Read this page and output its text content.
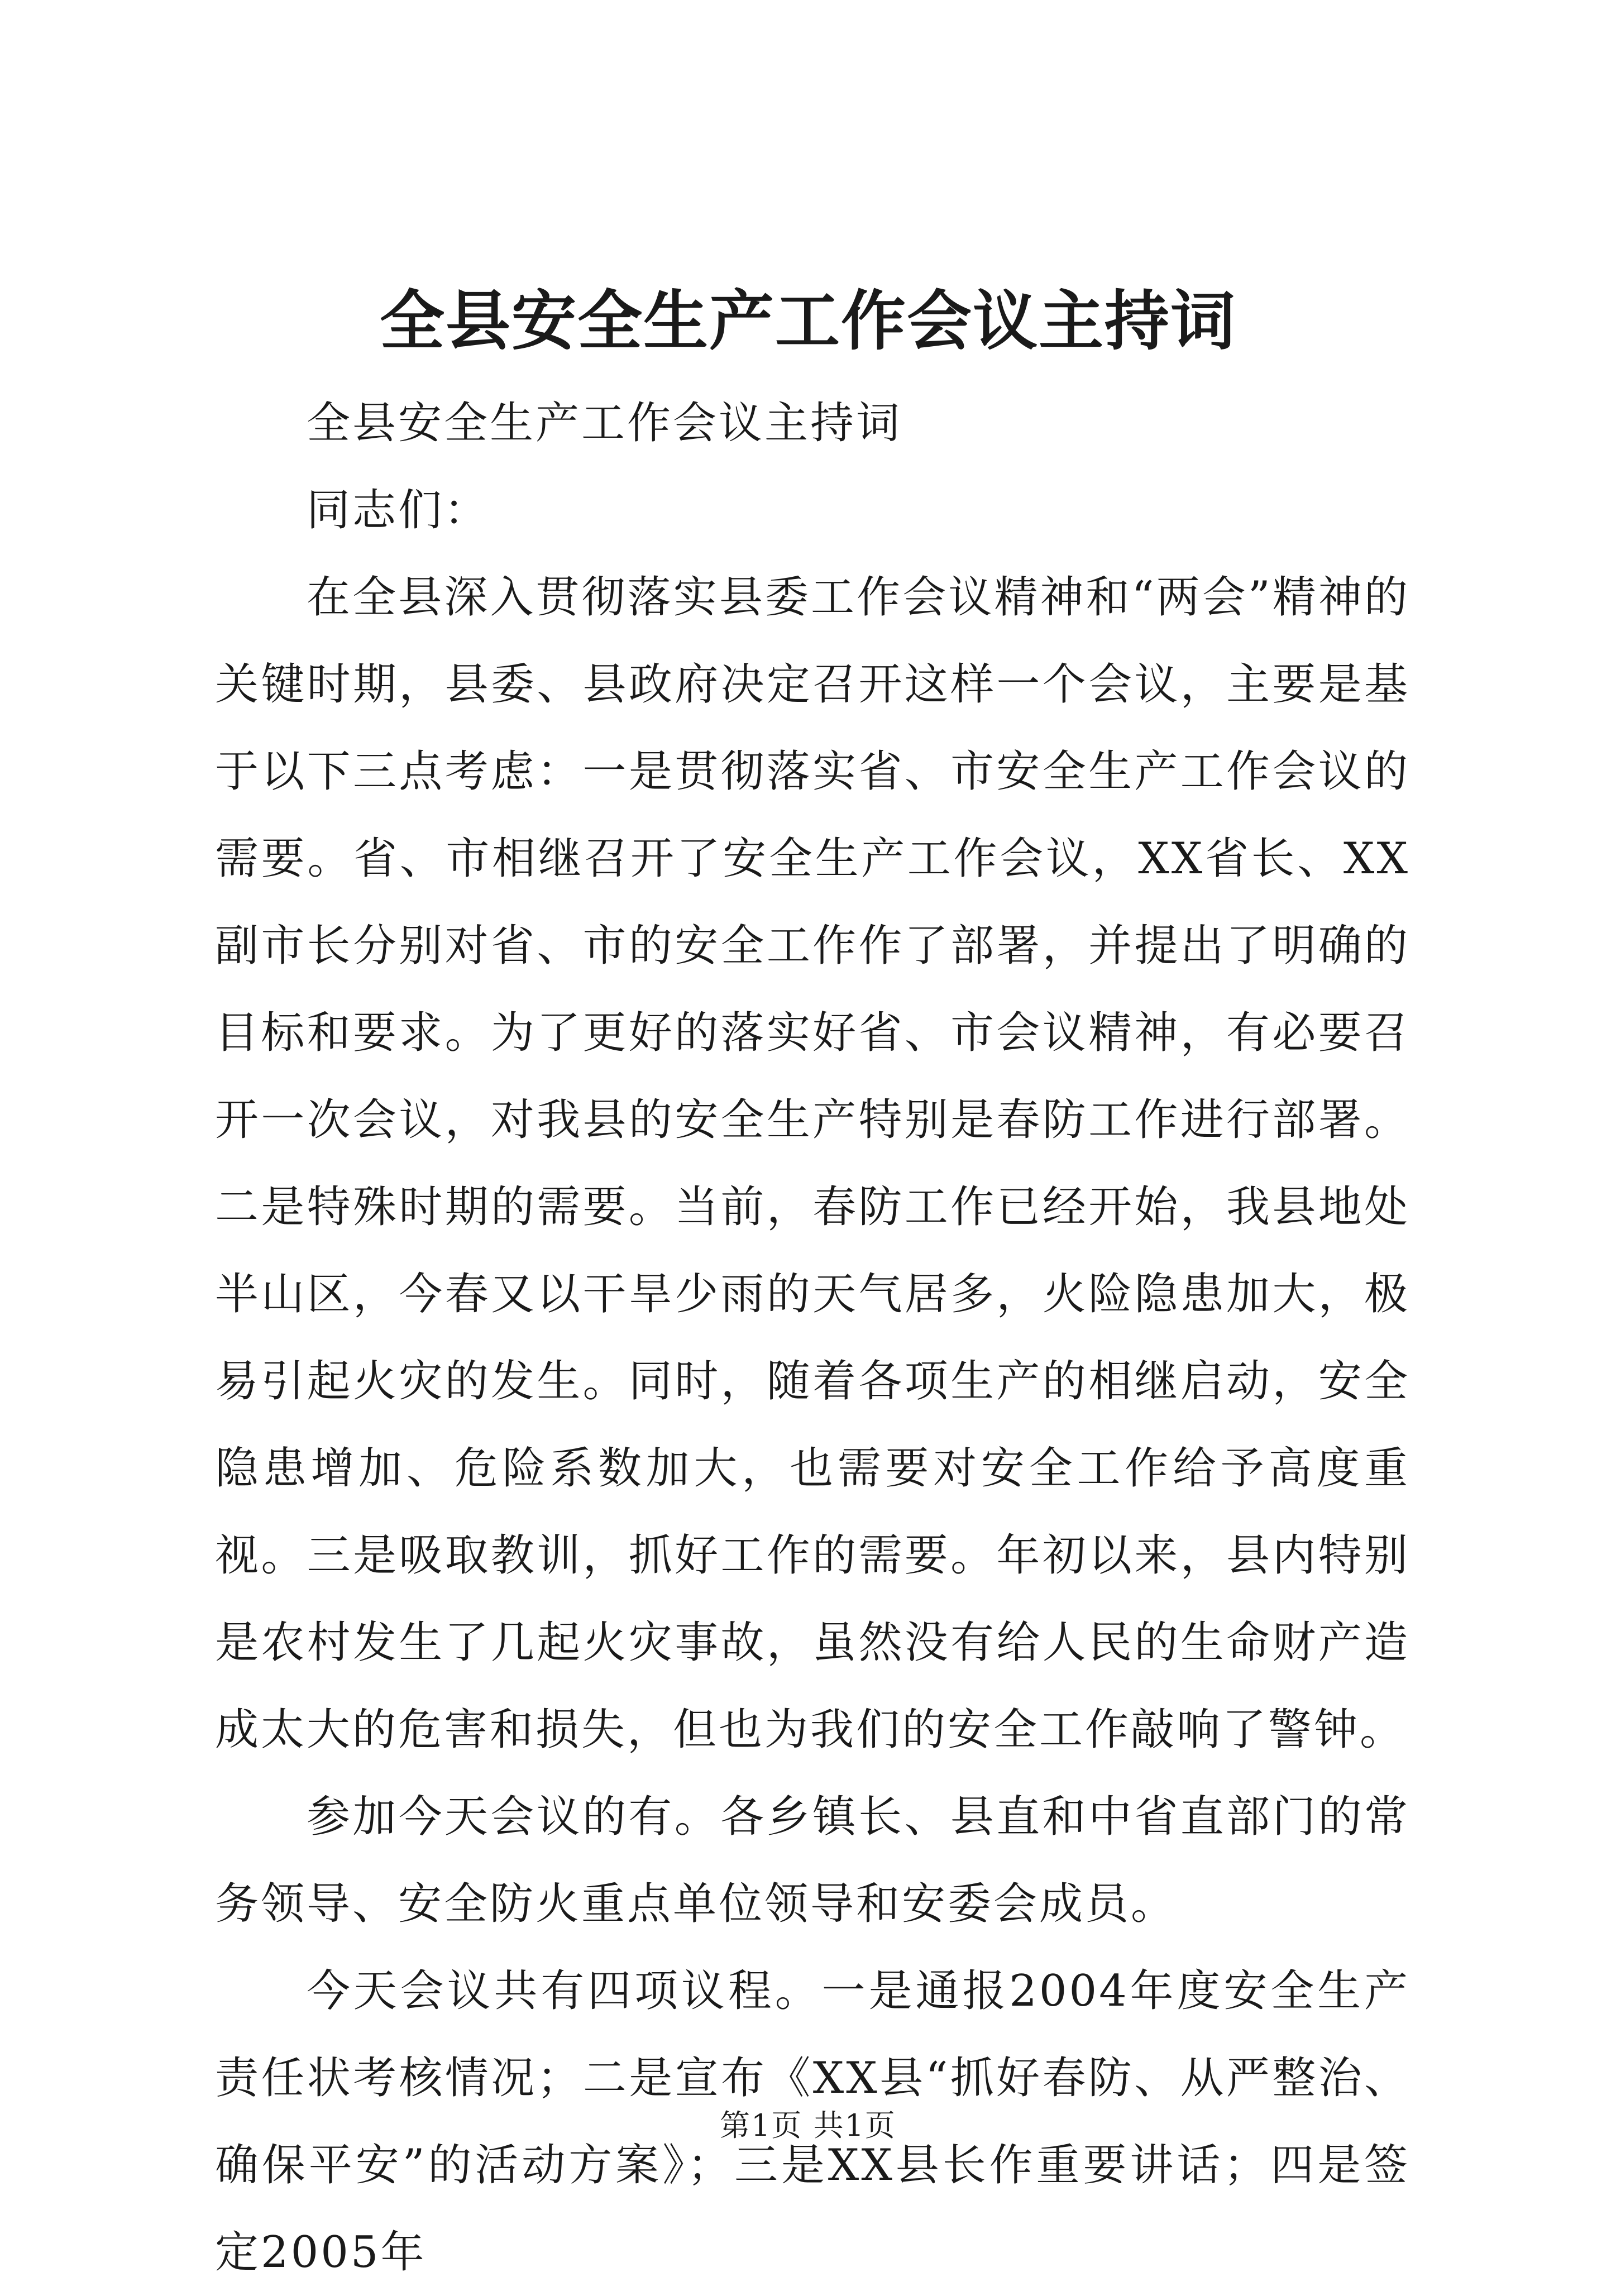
全县安全生产工作会议主持词

全县安全生产工作会议主持词

同志们：

在全县深入贯彻落实县委工作会议精神和“两会”精神的关键时期，县委、县政府决定召开这样一个会议，主要是基于以下三点考虑：一是贯彻落实省、市安全生产工作会议的需要。省、市相继召开了安全生产工作会议，XX省长、XX副市长分别对省、市的安全工作作了部署，并提出了明确的目标和要求。为了更好的落实好省、市会议精神，有必要召开一次会议，对我县的安全生产特别是春防工作进行部署。二是特殊时期的需要。当前，春防工作已经开始，我县地处半山区，今春又以干旱少雨的天气居多，火险隐患加大，极易引起火灾的发生。同时，随着各项生产的相继启动，安全隐患增加、危险系数加大，也需要对安全工作给予高度重视。三是吸取教训，抓好工作的需要。年初以来，县内特别是农村发生了几起火灾事故，虽然没有给人民的生命财产造成太大的危害和损失，但也为我们的安全工作敲响了警钟。

参加今天会议的有。各乡镇长、县直和中省直部门的常务领导、安全防火重点单位领导和安委会成员。

今天会议共有四项议程。一是通报2004年度安全生产责任状考核情况；二是宣布《XX县“抓好春防、从严整治、确保平安”的活动方案》；三是XX县长作重要讲话；四是签定2005年

第1页 共1页
